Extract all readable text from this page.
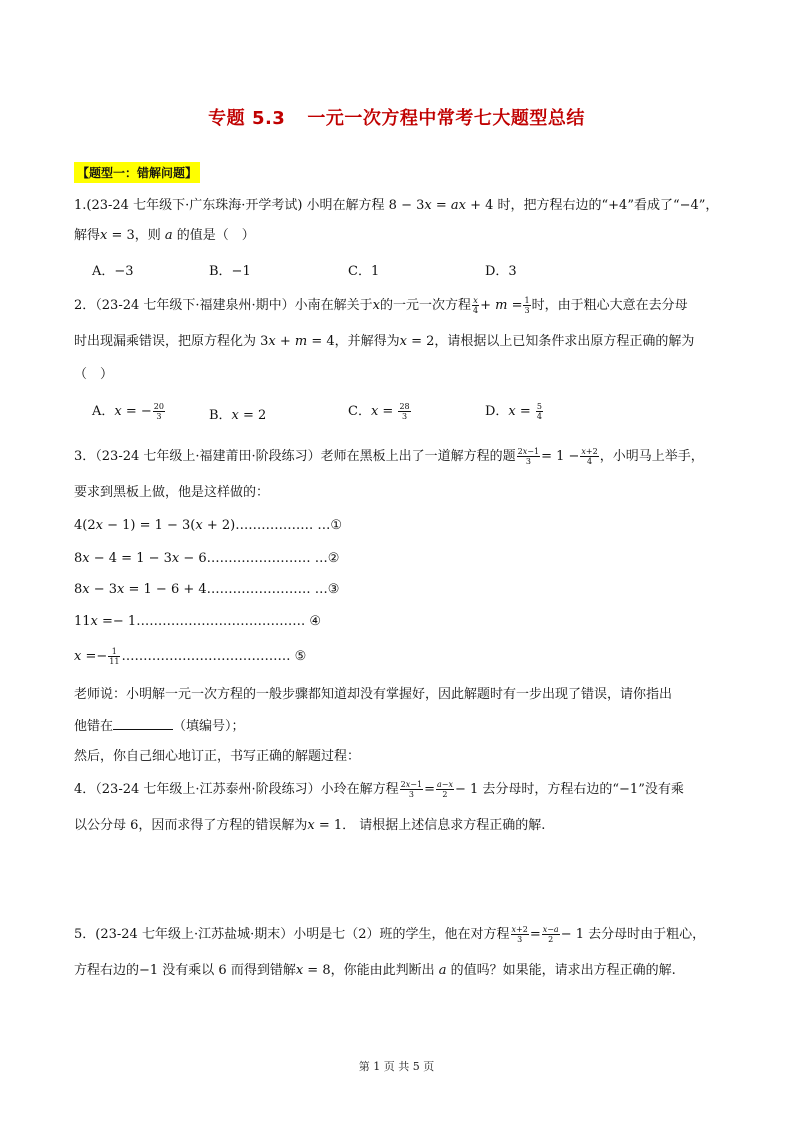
专题 5.3 一元一次方程中常考七大题型总结
【题型一：错解问题】
1.(23-24 七年级下·广东珠海·开学考试) 小明在解方程 8 − 3𝑥 = 𝑎𝑥 + 4 时，把方程右边的“+4”看成了“−4”，
解得𝑥 = 3，则 𝑎 的值是（　）
A．−3	B．−1	C．1	D．3
2．（23-24 七年级下·福建泉州·期中）小南在解关于𝑥的一元一次方程 $\frac{\text{𝑥}}{4}$ + 𝑚 = $\frac{1}{3}$ 时，由于粗心大意在去分母
时出现漏乘错误，把原方程化为 3𝑥 + 𝑚 = 4，并解得为𝑥 = 2，请根据以上已知条件求出原方程正确的解为
（　）
A．𝑥 = − $\frac{20}{3}$	B．𝑥 = 2	C．𝑥 = $\frac{28}{3}$	D．𝑥 = $\frac{5}{4}$
3．（23-24 七年级上·福建莆田·阶段练习）老师在黑板上出了一道解方程的题 $\frac{\text{2𝑥−1}}{3} = 1 - \frac{\text{𝑥+2}}{4}$ ，小明马上举手，
要求到黑板上做，他是这样做的：
4(2𝑥 − 1) = 1 − 3(𝑥 + 2)……………… …①
8𝑥 − 4 = 1 − 3𝑥 − 6…………………… …②
8𝑥 − 3𝑥 = 1 − 6 + 4…………………… …③
11𝑥 =− 1………………………………… ④
𝑥 =− $\frac{1}{11}$ ………………………………… ⑤
老师说：小明解一元一次方程的一般步骤都知道却没有掌握好，因此解题时有一步出现了错误，请你指出
他错在	（填编号）；
然后，你自己细心地订正，书写正确的解题过程：
4．（23-24 七年级上·江苏泰州·阶段练习）小玲在解方程 $\frac{\text{2𝑥−1}}{3} = \frac{\text{𝑎−𝑥}}{2} - 1$ 去分母时，方程右边的“−1”没有乘
以公分母 6，因而求得了方程的错误解为𝑥 = 1． 请根据上述信息求方程正确的解.
5．(23-24 七年级上·江苏盐城·期末）小明是七（2）班的学生，他在对方程 $\frac{\text{𝑥+2}}{3} = \frac{\text{𝑥−𝑎}}{2} - 1$ 去分母时由于粗心，
方程右边的−1 没有乘以 6 而得到错解𝑥 = 8，你能由此判断出 𝑎 的值吗？如果能，请求出方程正确的解.
第 1 页 共 5 页
